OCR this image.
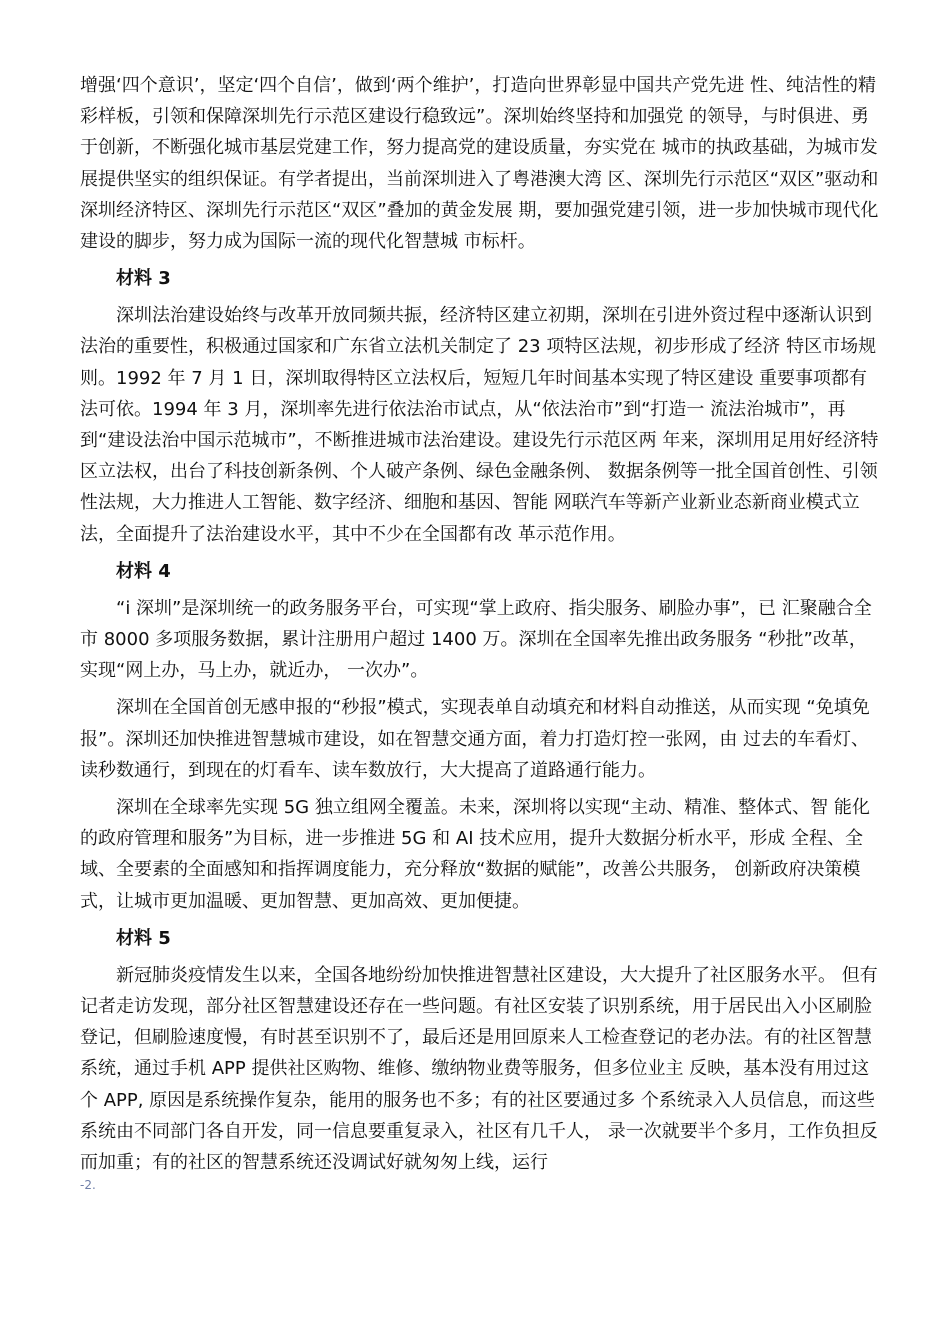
增强‘四个意识’，坚定‘四个自信’，做到‘两个维护’，打造向世界彰显中国共产党先进 性、纯洁性的精彩样板，引领和保障深圳先行示范区建设行稳致远”。深圳始终坚持和加强党 的领导，与时俱进、勇于创新，不断强化城市基层党建工作，努力提高党的建设质量，夯实党在 城市的执政基础，为城市发展提供坚实的组织保证。有学者提出，当前深圳进入了粤港澳大湾 区、深圳先行示范区“双区”驱动和深圳经济特区、深圳先行示范区“双区”叠加的黄金发展 期，要加强党建引领，进一步加快城市现代化建设的脚步，努力成为国际一流的现代化智慧城 市标杆。

材料 3

深圳法治建设始终与改革开放同频共振，经济特区建立初期，深圳在引进外资过程中逐渐认识到法治的重要性，积极通过国家和广东省立法机关制定了 23 项特区法规，初步形成了经济 特区市场规则。1992 年 7 月 1 日，深圳取得特区立法权后，短短几年时间基本实现了特区建设 重要事项都有法可依。1994 年 3 月，深圳率先进行依法治市试点，从“依法治市”到“打造一 流法治城市”，再到“建设法治中国示范城市”，不断推进城市法治建设。建设先行示范区两 年来，深圳用足用好经济特区立法权，出台了科技创新条例、个人破产条例、绿色金融条例、 数据条例等一批全国首创性、引领性法规，大力推进人工智能、数字经济、细胞和基因、智能 网联汽车等新产业新业态新商业模式立法，全面提升了法治建设水平，其中不少在全国都有改 革示范作用。

材料 4

“i 深圳”是深圳统一的政务服务平台，可实现“掌上政府、指尖服务、刷脸办事”，已 汇聚融合全市 8000 多项服务数据，累计注册用户超过 1400 万。深圳在全国率先推出政务服务 “秒批”改革，实现“网上办，马上办，就近办， 一次办”。

深圳在全国首创无感申报的“秒报”模式，实现表单自动填充和材料自动推送，从而实现 “免填免报”。深圳还加快推进智慧城市建设，如在智慧交通方面，着力打造灯控一张网，由 过去的车看灯、读秒数通行，到现在的灯看车、读车数放行，大大提高了道路通行能力。

深圳在全球率先实现 5G 独立组网全覆盖。未来，深圳将以实现“主动、精准、整体式、智 能化的政府管理和服务”为目标，进一步推进 5G 和 AI 技术应用，提升大数据分析水平，形成 全程、全域、全要素的全面感知和指挥调度能力，充分释放“数据的赋能”，改善公共服务， 创新政府决策模式，让城市更加温暖、更加智慧、更加高效、更加便捷。

材料 5

新冠肺炎疫情发生以来，全国各地纷纷加快推进智慧社区建设，大大提升了社区服务水平。 但有记者走访发现，部分社区智慧建设还存在一些问题。有社区安装了识别系统，用于居民出入小区刷脸登记，但刷脸速度慢，有时甚至识别不了，最后还是用回原来人工检查登记的老办法。有的社区智慧系统，通过手机 APP 提供社区购物、维修、缴纳物业费等服务，但多位业主 反映，基本没有用过这个 APP, 原因是系统操作复杂，能用的服务也不多；有的社区要通过多 个系统录入人员信息，而这些系统由不同部门各自开发，同一信息要重复录入，社区有几千人， 录一次就要半个多月，工作负担反而加重；有的社区的智慧系统还没调试好就匆匆上线，运行

-2.
